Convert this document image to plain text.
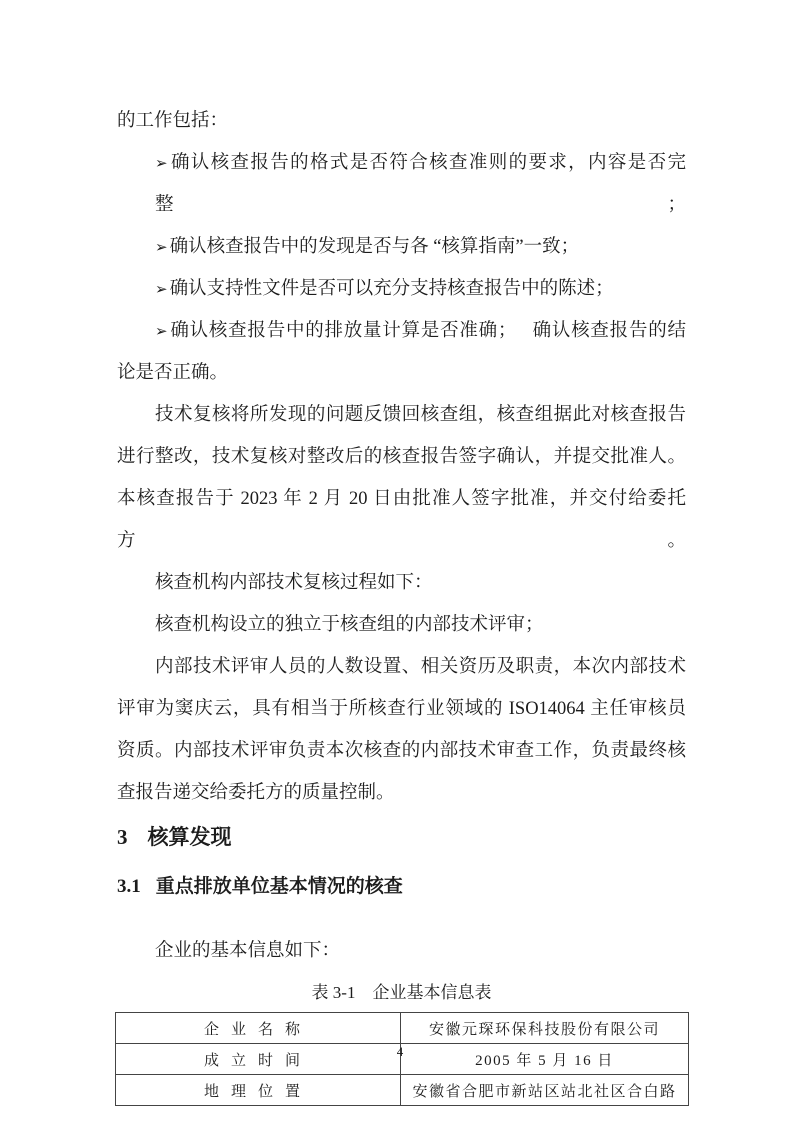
的工作包括：
➢ 确认核查报告的格式是否符合核查准则的要求，内容是否完整；
➢ 确认核查报告中的发现是否与各 “核算指南”一致；
➢ 确认支持性文件是否可以充分支持核查报告中的陈述；
➢ 确认核查报告中的排放量计算是否准确；　 确认核查报告的结
论是否正确。
技术复核将所发现的问题反馈回核查组，核查组据此对核查报告
进行整改，技术复核对整改后的核查报告签字确认，并提交批准人。
本核查报告于 2023 年 2 月 20 日由批准人签字批准，并交付给委托方。
核查机构内部技术复核过程如下：
核查机构设立的独立于核查组的内部技术评审；
内部技术评审人员的人数设置、相关资历及职责，本次内部技术
评审为窦庆云，具有相当于所核查行业领域的 ISO14064 主任审核员
资质。内部技术评审负责本次核查的内部技术审查工作，负责最终核
查报告递交给委托方的质量控制。
3 核算发现
3.1 重点排放单位基本情况的核查
企业的基本信息如下：
表 3-1　企业基本信息表
企业名称	安徽元琛环保科技股份有限公司
成立时间	2005 年 5 月 16 日
地理位置	安徽省合肥市新站区站北社区合白路
4
